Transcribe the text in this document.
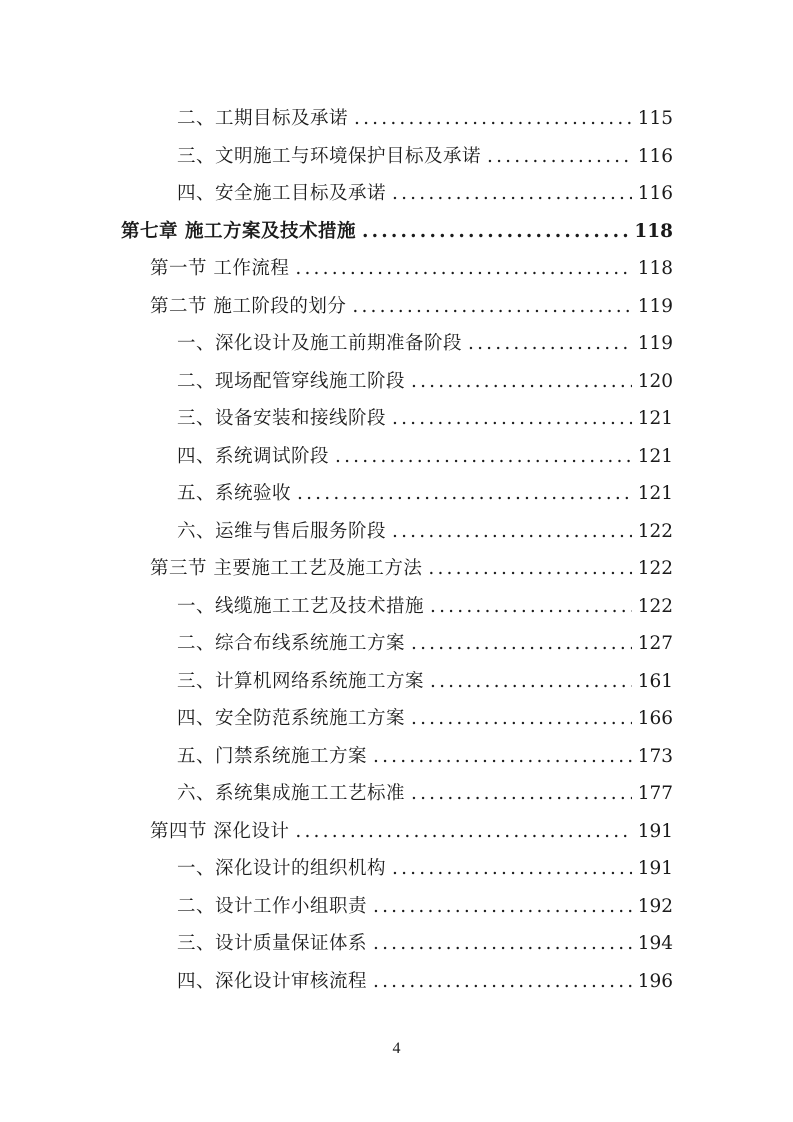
二、工期目标及承诺 .....	115
三、文明施工与环境保护目标及承诺 .....	116
四、安全施工目标及承诺 .....	116
第七章 施工方案及技术措施 .....	118
第一节 工作流程 .....	118
第二节 施工阶段的划分 .....	119
一、深化设计及施工前期准备阶段 .....	119
二、现场配管穿线施工阶段 .....	120
三、设备安装和接线阶段 .....	121
四、系统调试阶段 .....	121
五、系统验收 .....	121
六、运维与售后服务阶段 .....	122
第三节 主要施工工艺及施工方法 .....	122
一、线缆施工工艺及技术措施 .....	122
二、综合布线系统施工方案 .....	127
三、计算机网络系统施工方案 .....	161
四、安全防范系统施工方案 .....	166
五、门禁系统施工方案 .....	173
六、系统集成施工工艺标准 .....	177
第四节 深化设计 .....	191
一、深化设计的组织机构 .....	191
二、设计工作小组职责 .....	192
三、设计质量保证体系 .....	194
四、深化设计审核流程 .....	196
4
